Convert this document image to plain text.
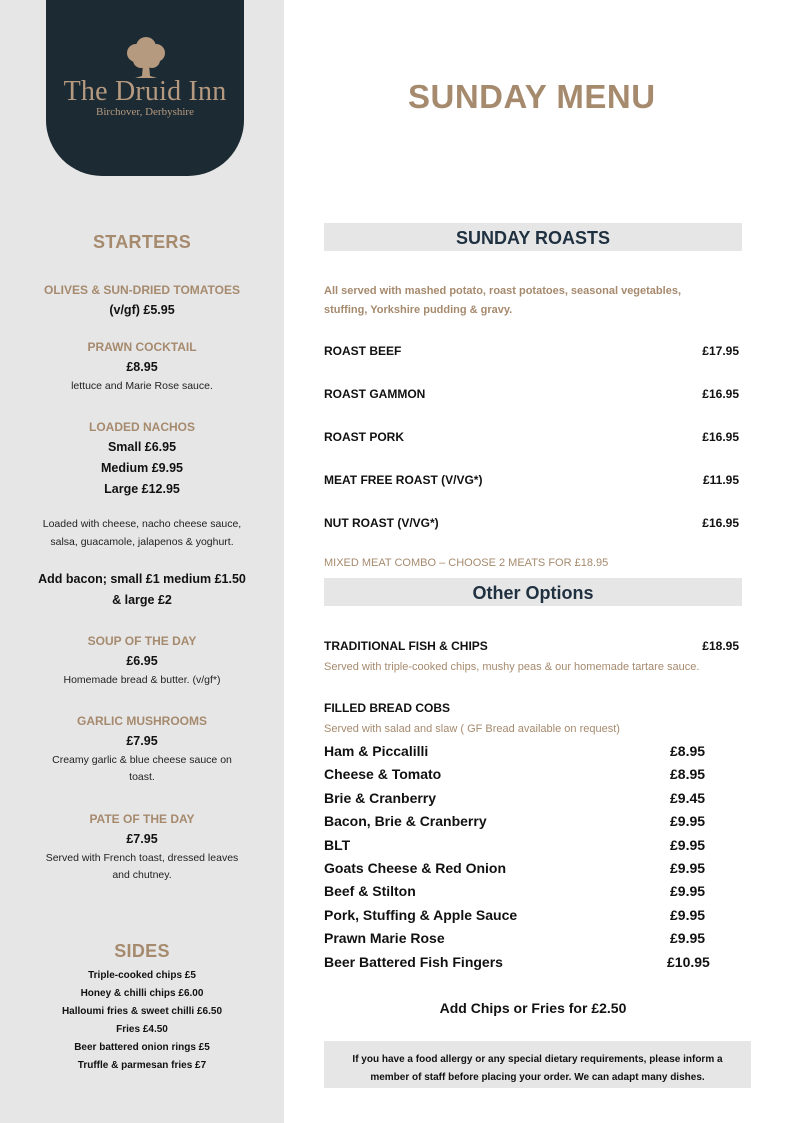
The Druid Inn
Birchover, Derbyshire
STARTERS
OLIVES & SUN-DRIED TOMATOES
(v/gf) £5.95
PRAWN COCKTAIL
£8.95
lettuce and Marie Rose sauce.
LOADED NACHOS
Small £6.95
Medium £9.95
Large £12.95
Loaded with cheese, nacho cheese sauce,
salsa, guacamole, jalapenos & yoghurt.
Add bacon; small £1 medium £1.50
& large £2
SOUP OF THE DAY
£6.95
Homemade bread & butter. (v/gf*)
GARLIC MUSHROOMS
£7.95
Creamy garlic & blue cheese sauce on
toast.
PATE OF THE DAY
£7.95
Served with French toast, dressed leaves
and chutney.
SIDES
Triple-cooked chips £5
Honey & chilli chips £6.00
Halloumi fries & sweet chilli £6.50
Fries £4.50
Beer battered onion rings £5
Truffle & parmesan fries £7
SUNDAY MENU
SUNDAY ROASTS
All served with mashed potato, roast potatoes, seasonal vegetables,
stuffing, Yorkshire pudding & gravy.
ROAST BEEF	£17.95
ROAST GAMMON	£16.95
ROAST PORK	£16.95
MEAT FREE ROAST (V/VG*)	£11.95
NUT ROAST (V/VG*)	£16.95
MIXED MEAT COMBO – CHOOSE 2 MEATS FOR £18.95
Other Options
TRADITIONAL FISH & CHIPS	£18.95
Served with triple-cooked chips, mushy peas & our homemade tartare sauce.
FILLED BREAD COBS
Served with salad and slaw ( GF Bread available on request)
Ham & Piccalilli	£8.95
Cheese & Tomato	£8.95
Brie & Cranberry	£9.45
Bacon, Brie & Cranberry	£9.95
BLT	£9.95
Goats Cheese & Red Onion	£9.95
Beef & Stilton	£9.95
Pork, Stuffing & Apple Sauce	£9.95
Prawn Marie Rose	£9.95
Beer Battered Fish Fingers	£10.95
Add Chips or Fries for £2.50
If you have a food allergy or any special dietary requirements, please inform a
member of staff before placing your order. We can adapt many dishes.
